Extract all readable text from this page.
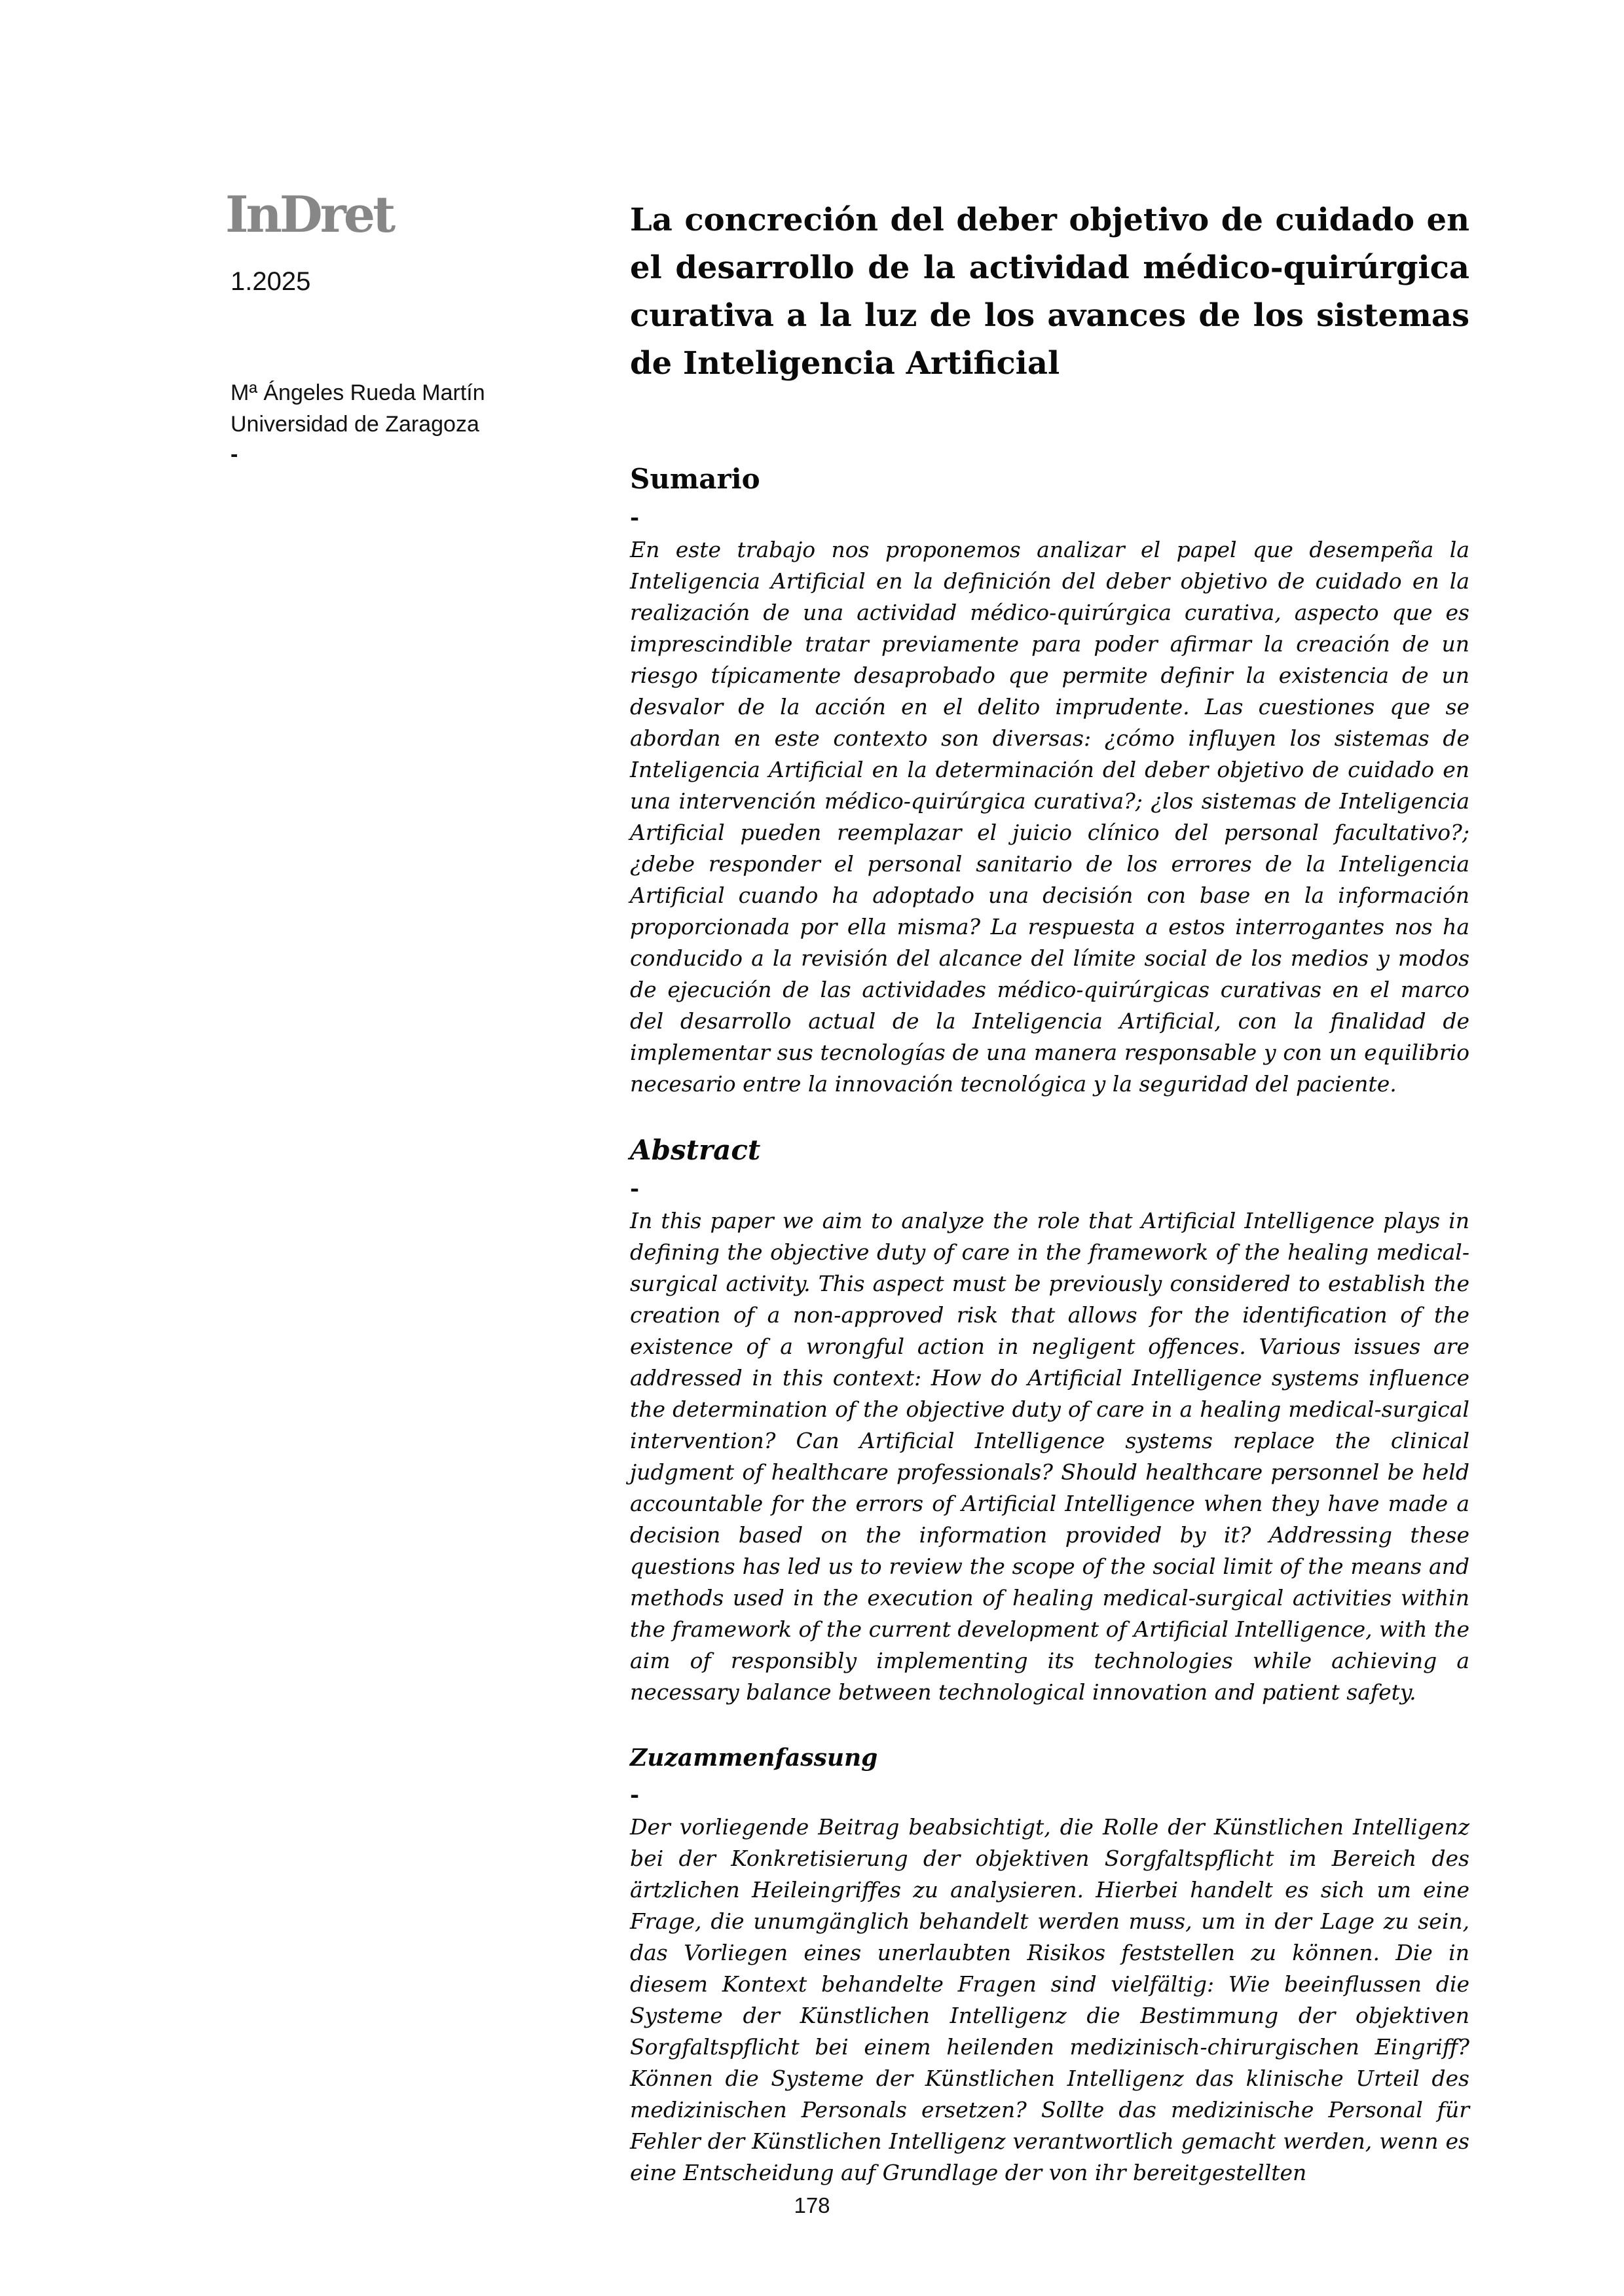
InDret
1.2025
Mª Ángeles Rueda Martín
Universidad de Zaragoza
-
La concreción del deber objetivo de cuidado en el desarrollo de la actividad médico-quirúrgica curativa a la luz de los avances de los sistemas de Inteligencia Artificial
Sumario
-

En este trabajo nos proponemos analizar el papel que desempeña la Inteligencia Artificial en la definición del deber objetivo de cuidado en la realización de una actividad médico-quirúrgica curativa, aspecto que es imprescindible tratar previamente para poder afirmar la creación de un riesgo típicamente desaprobado que permite definir la existencia de un desvalor de la acción en el delito imprudente. Las cuestiones que se abordan en este contexto son diversas: ¿cómo influyen los sistemas de Inteligencia Artificial en la determinación del deber objetivo de cuidado en una intervención médico-quirúrgica curativa?; ¿los sistemas de Inteligencia Artificial pueden reemplazar el juicio clínico del personal facultativo?; ¿debe responder el personal sanitario de los errores de la Inteligencia Artificial cuando ha adoptado una decisión con base en la información proporcionada por ella misma? La respuesta a estos interrogantes nos ha conducido a la revisión del alcance del límite social de los medios y modos de ejecución de las actividades médico-quirúrgicas curativas en el marco del desarrollo actual de la Inteligencia Artificial, con la finalidad de implementar sus tecnologías de una manera responsable y con un equilibrio necesario entre la innovación tecnológica y la seguridad del paciente.

Abstract
-

In this paper we aim to analyze the role that Artificial Intelligence plays in defining the objective duty of care in the framework of the healing medical-surgical activity. This aspect must be previously considered to establish the creation of a non-approved risk that allows for the identification of the existence of a wrongful action in negligent offences. Various issues are addressed in this context: How do Artificial Intelligence systems influence the determination of the objective duty of care in a healing medical-surgical intervention? Can Artificial Intelligence systems replace the clinical judgment of healthcare professionals? Should healthcare personnel be held accountable for the errors of Artificial Intelligence when they have made a decision based on the information provided by it? Addressing these questions has led us to review the scope of the social limit of the means and methods used in the execution of healing medical-surgical activities within the framework of the current development of Artificial Intelligence, with the aim of responsibly implementing its technologies while achieving a necessary balance between technological innovation and patient safety.

Zuzammenfassung
-

Der vorliegende Beitrag beabsichtigt, die Rolle der Künstlichen Intelligenz bei der Konkretisierung der objektiven Sorgfaltspflicht im Bereich des ärtzlichen Heileingriffes zu analysieren. Hierbei handelt es sich um eine Frage, die unumgänglich behandelt werden muss, um in der Lage zu sein, das Vorliegen eines unerlaubten Risikos feststellen zu können. Die in diesem Kontext behandelte Fragen sind vielfältig: Wie beeinflussen die Systeme der Künstlichen Intelligenz die Bestimmung der objektiven Sorgfaltspflicht bei einem heilenden medizinisch-chirurgischen Eingriff? Können die Systeme der Künstlichen Intelligenz das klinische Urteil des medizinischen Personals ersetzen? Sollte das medizinische Personal für Fehler der Künstlichen Intelligenz verantwortlich gemacht werden, wenn es eine Entscheidung auf Grundlage der von ihr bereitgestellten

178
